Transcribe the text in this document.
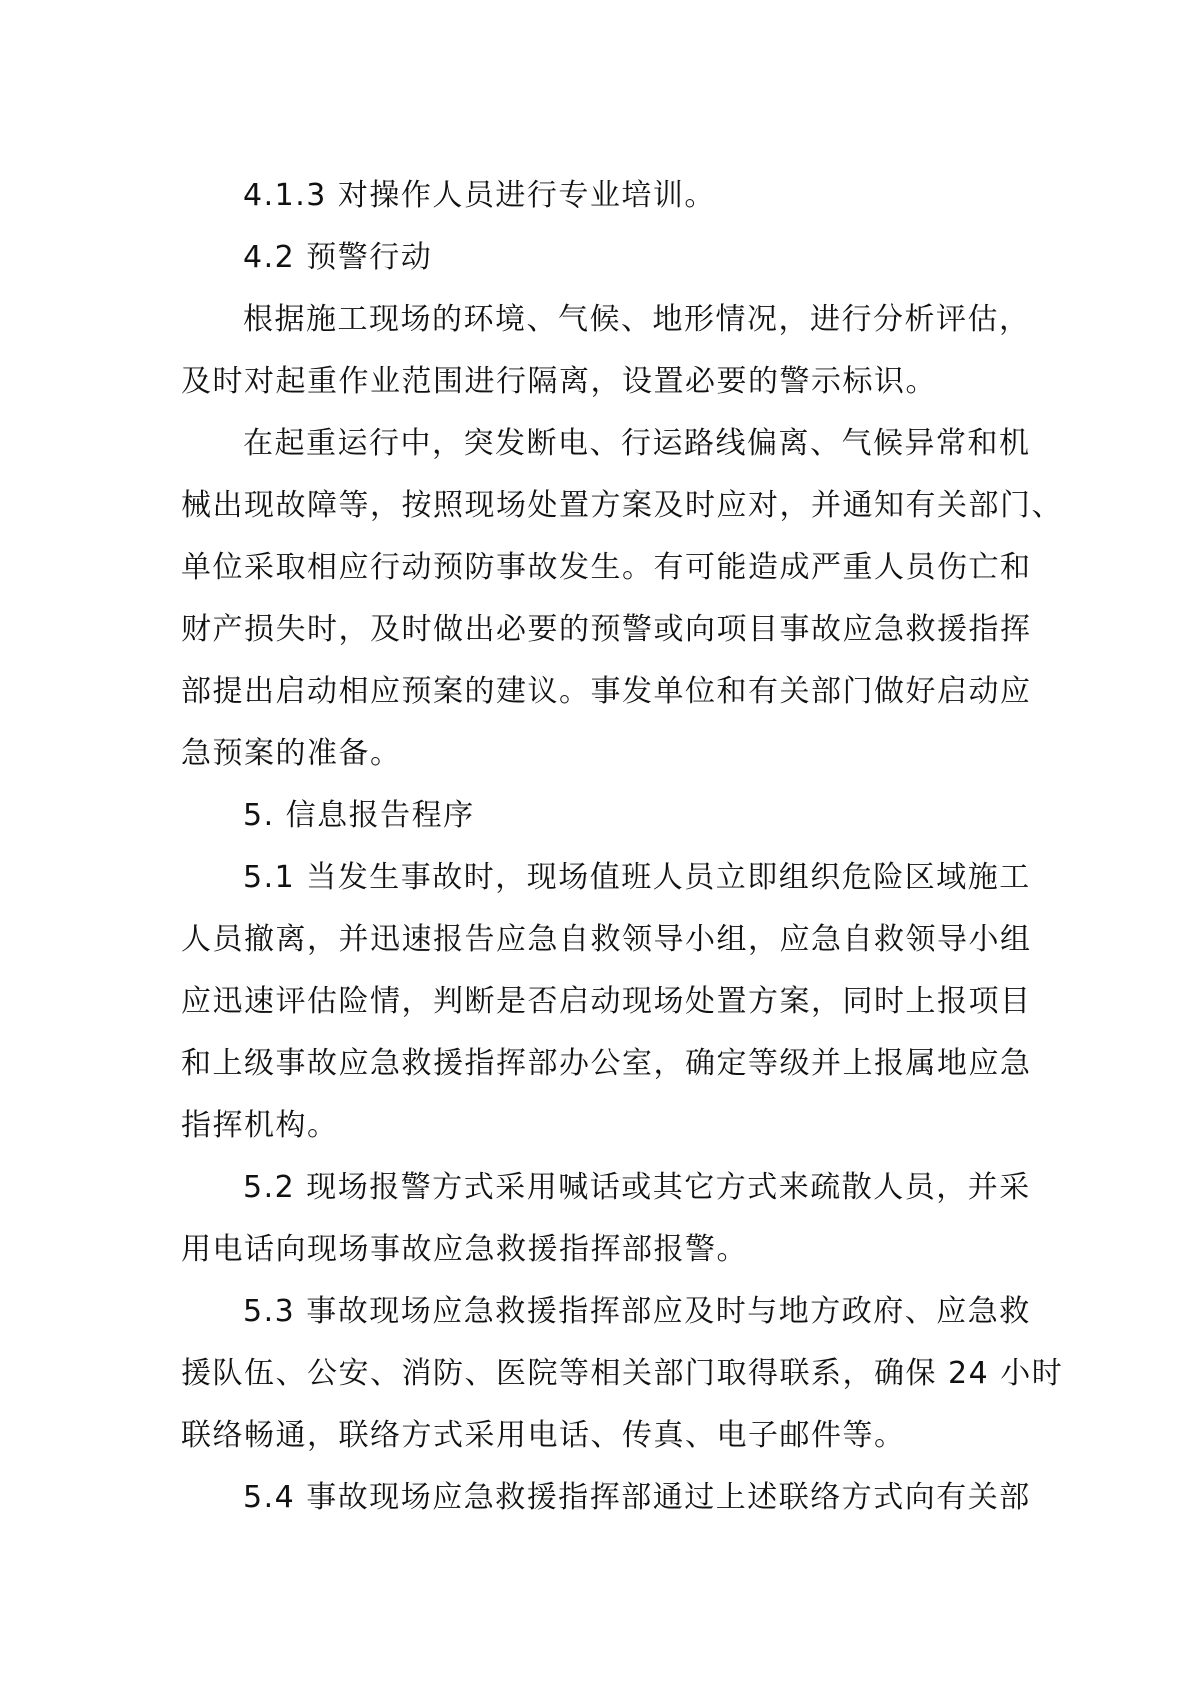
4.1.3 对操作人员进行专业培训。
4.2 预警行动
根据施工现场的环境、气候、地形情况，进行分析评估，
及时对起重作业范围进行隔离，设置必要的警示标识。
在起重运行中，突发断电、行运路线偏离、气候异常和机
械出现故障等，按照现场处置方案及时应对，并通知有关部门、
单位采取相应行动预防事故发生。有可能造成严重人员伤亡和
财产损失时，及时做出必要的预警或向项目事故应急救援指挥
部提出启动相应预案的建议。事发单位和有关部门做好启动应
急预案的准备。
5. 信息报告程序
5.1 当发生事故时，现场值班人员立即组织危险区域施工
人员撤离，并迅速报告应急自救领导小组，应急自救领导小组
应迅速评估险情，判断是否启动现场处置方案，同时上报项目
和上级事故应急救援指挥部办公室，确定等级并上报属地应急
指挥机构。
5.2 现场报警方式采用喊话或其它方式来疏散人员，并采
用电话向现场事故应急救援指挥部报警。
5.3 事故现场应急救援指挥部应及时与地方政府、应急救
援队伍、公安、消防、医院等相关部门取得联系，确保 24 小时
联络畅通，联络方式采用电话、传真、电子邮件等。
5.4 事故现场应急救援指挥部通过上述联络方式向有关部
